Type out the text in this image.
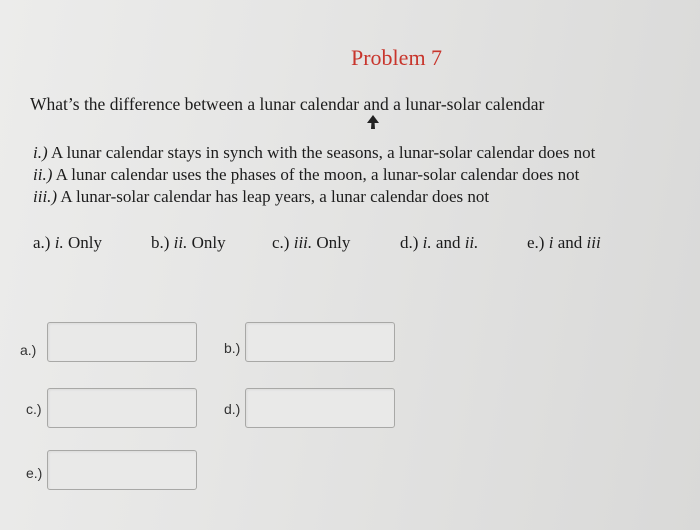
Problem 7
What’s the difference between a lunar calendar and a lunar-solar calendar
i.) A lunar calendar stays in synch with the seasons, a lunar-solar calendar does not
ii.) A lunar calendar uses the phases of the moon, a lunar-solar calendar does not
iii.) A lunar-solar calendar has leap years, a lunar calendar does not
a.) i. Only	b.) ii. Only	c.) iii. Only	d.) i. and ii.	e.) i and iii
a.)	b.)
c.)	d.)
e.)
